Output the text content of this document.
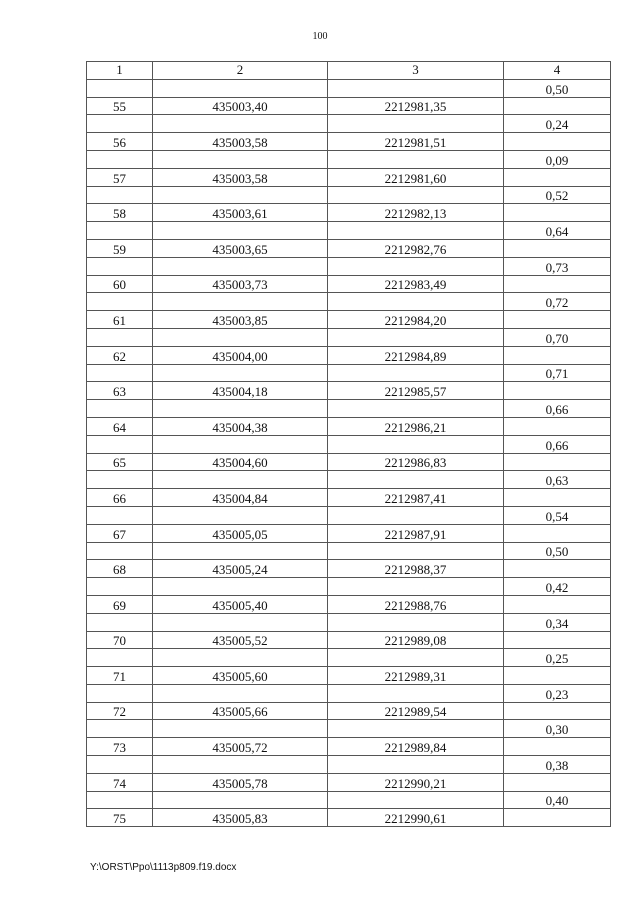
100
1	2	3	4
			0,50
55	435003,40	2212981,35	
			0,24
56	435003,58	2212981,51	
			0,09
57	435003,58	2212981,60	
			0,52
58	435003,61	2212982,13	
			0,64
59	435003,65	2212982,76	
			0,73
60	435003,73	2212983,49	
			0,72
61	435003,85	2212984,20	
			0,70
62	435004,00	2212984,89	
			0,71
63	435004,18	2212985,57	
			0,66
64	435004,38	2212986,21	
			0,66
65	435004,60	2212986,83	
			0,63
66	435004,84	2212987,41	
			0,54
67	435005,05	2212987,91	
			0,50
68	435005,24	2212988,37	
			0,42
69	435005,40	2212988,76	
			0,34
70	435005,52	2212989,08	
			0,25
71	435005,60	2212989,31	
			0,23
72	435005,66	2212989,54	
			0,30
73	435005,72	2212989,84	
			0,38
74	435005,78	2212990,21	
			0,40
75	435005,83	2212990,61	
Y:\ORST\Ppo\1113p809.f19.docx
